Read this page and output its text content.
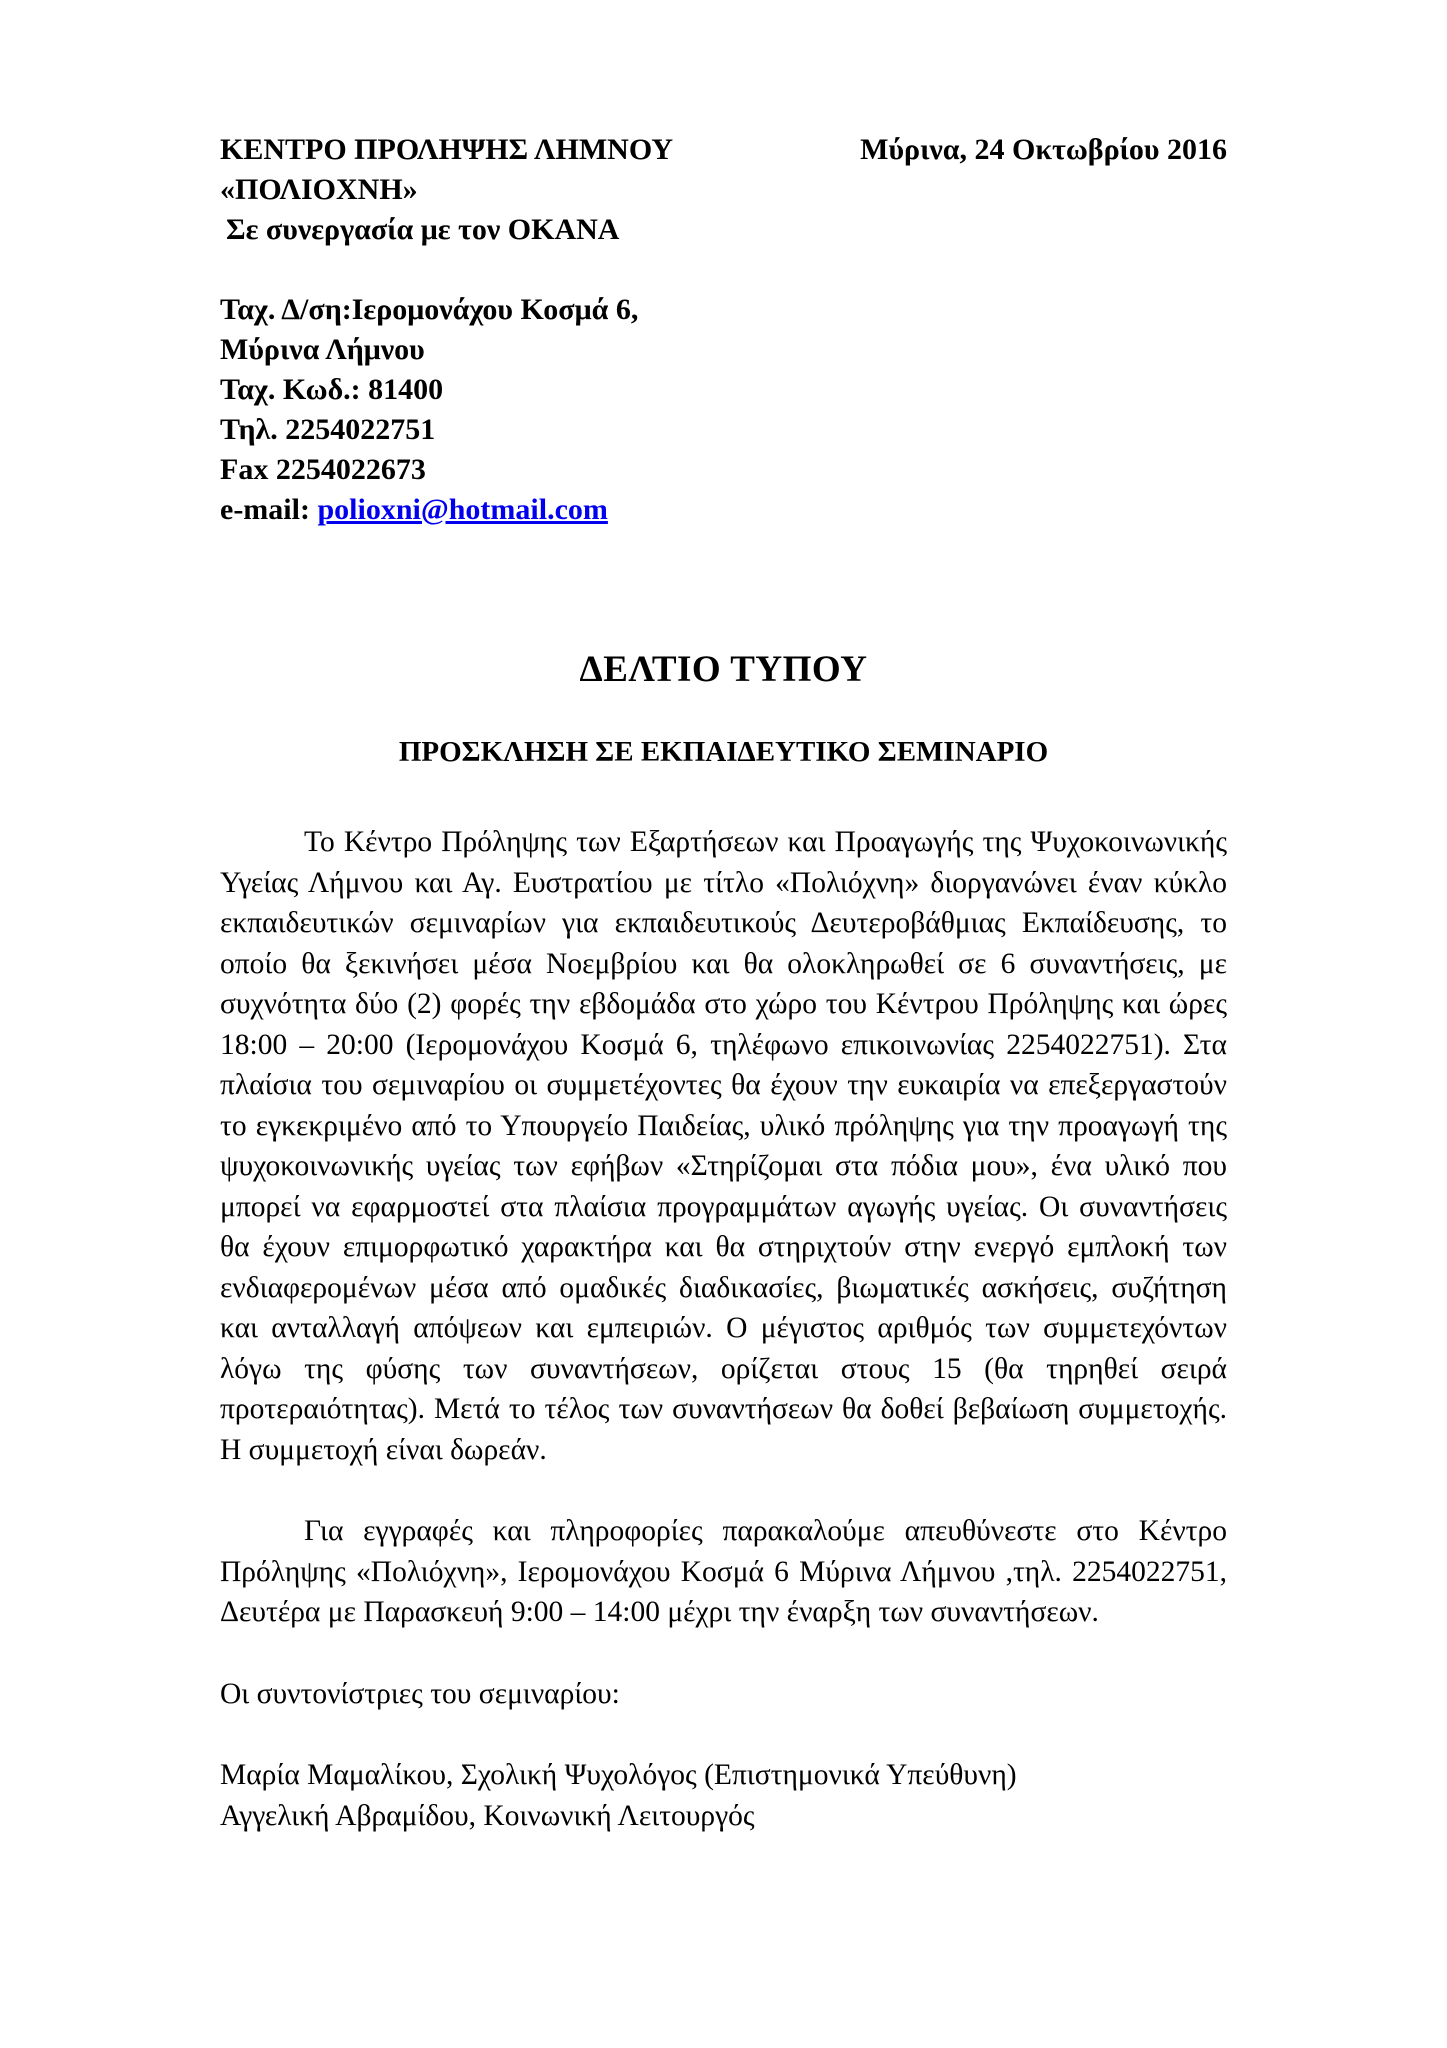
ΚΕΝΤΡΟ ΠΡΟΛΗΨΗΣ ΛΗΜΝΟΥ
«ΠΟΛΙΟΧΝΗ»
Σε συνεργασία με τον ΟΚΑΝΑ
Μύρινα, 24 Οκτωβρίου 2016
Ταχ. Δ/ση:Ιερομονάχου Κοσμά 6,
Μύρινα Λήμνου
Ταχ. Κωδ.: 81400
Τηλ. 2254022751
Fax 2254022673
e-mail: polioxni@hotmail.com
ΔΕΛΤΙΟ ΤΥΠΟΥ
ΠΡΟΣΚΛΗΣΗ ΣΕ ΕΚΠΑΙΔΕΥΤΙΚΟ ΣΕΜΙΝΑΡΙΟ
Το Κέντρο Πρόληψης των Εξαρτήσεων και Προαγωγής της Ψυχοκοινωνικής Υγείας Λήμνου και Αγ. Ευστρατίου με τίτλο «Πολιόχνη» διοργανώνει έναν κύκλο εκπαιδευτικών σεμιναρίων για εκπαιδευτικούς Δευτεροβάθμιας Εκπαίδευσης, το οποίο θα ξεκινήσει μέσα Νοεμβρίου και θα ολοκληρωθεί σε 6 συναντήσεις, με συχνότητα δύο (2) φορές την εβδομάδα στο χώρο του Κέντρου Πρόληψης και ώρες 18:00 – 20:00 (Ιερομονάχου Κοσμά 6, τηλέφωνο επικοινωνίας 2254022751). Στα πλαίσια του σεμιναρίου οι συμμετέχοντες θα έχουν την ευκαιρία να επεξεργαστούν το εγκεκριμένο από το Υπουργείο Παιδείας, υλικό πρόληψης για την προαγωγή της ψυχοκοινωνικής υγείας των εφήβων «Στηρίζομαι στα πόδια μου», ένα υλικό που μπορεί να εφαρμοστεί στα πλαίσια προγραμμάτων αγωγής υγείας. Οι συναντήσεις θα έχουν επιμορφωτικό χαρακτήρα και θα στηριχτούν στην ενεργό εμπλοκή των ενδιαφερομένων μέσα από ομαδικές διαδικασίες, βιωματικές ασκήσεις, συζήτηση και ανταλλαγή απόψεων και εμπειριών. Ο μέγιστος αριθμός των συμμετεχόντων λόγω της φύσης των συναντήσεων, ορίζεται στους 15 (θα τηρηθεί σειρά προτεραιότητας). Μετά το τέλος των συναντήσεων θα δοθεί βεβαίωση συμμετοχής. Η συμμετοχή είναι δωρεάν.
Για εγγραφές και πληροφορίες παρακαλούμε απευθύνεστε στο Κέντρο Πρόληψης «Πολιόχνη», Ιερομονάχου Κοσμά 6 Μύρινα Λήμνου ,τηλ. 2254022751, Δευτέρα με Παρασκευή 9:00 – 14:00 μέχρι την έναρξη των συναντήσεων.
Οι συντονίστριες του σεμιναρίου:
Μαρία Μαμαλίκου, Σχολική Ψυχολόγος (Επιστημονικά Υπεύθυνη)
Αγγελική Αβραμίδου, Κοινωνική Λειτουργός
